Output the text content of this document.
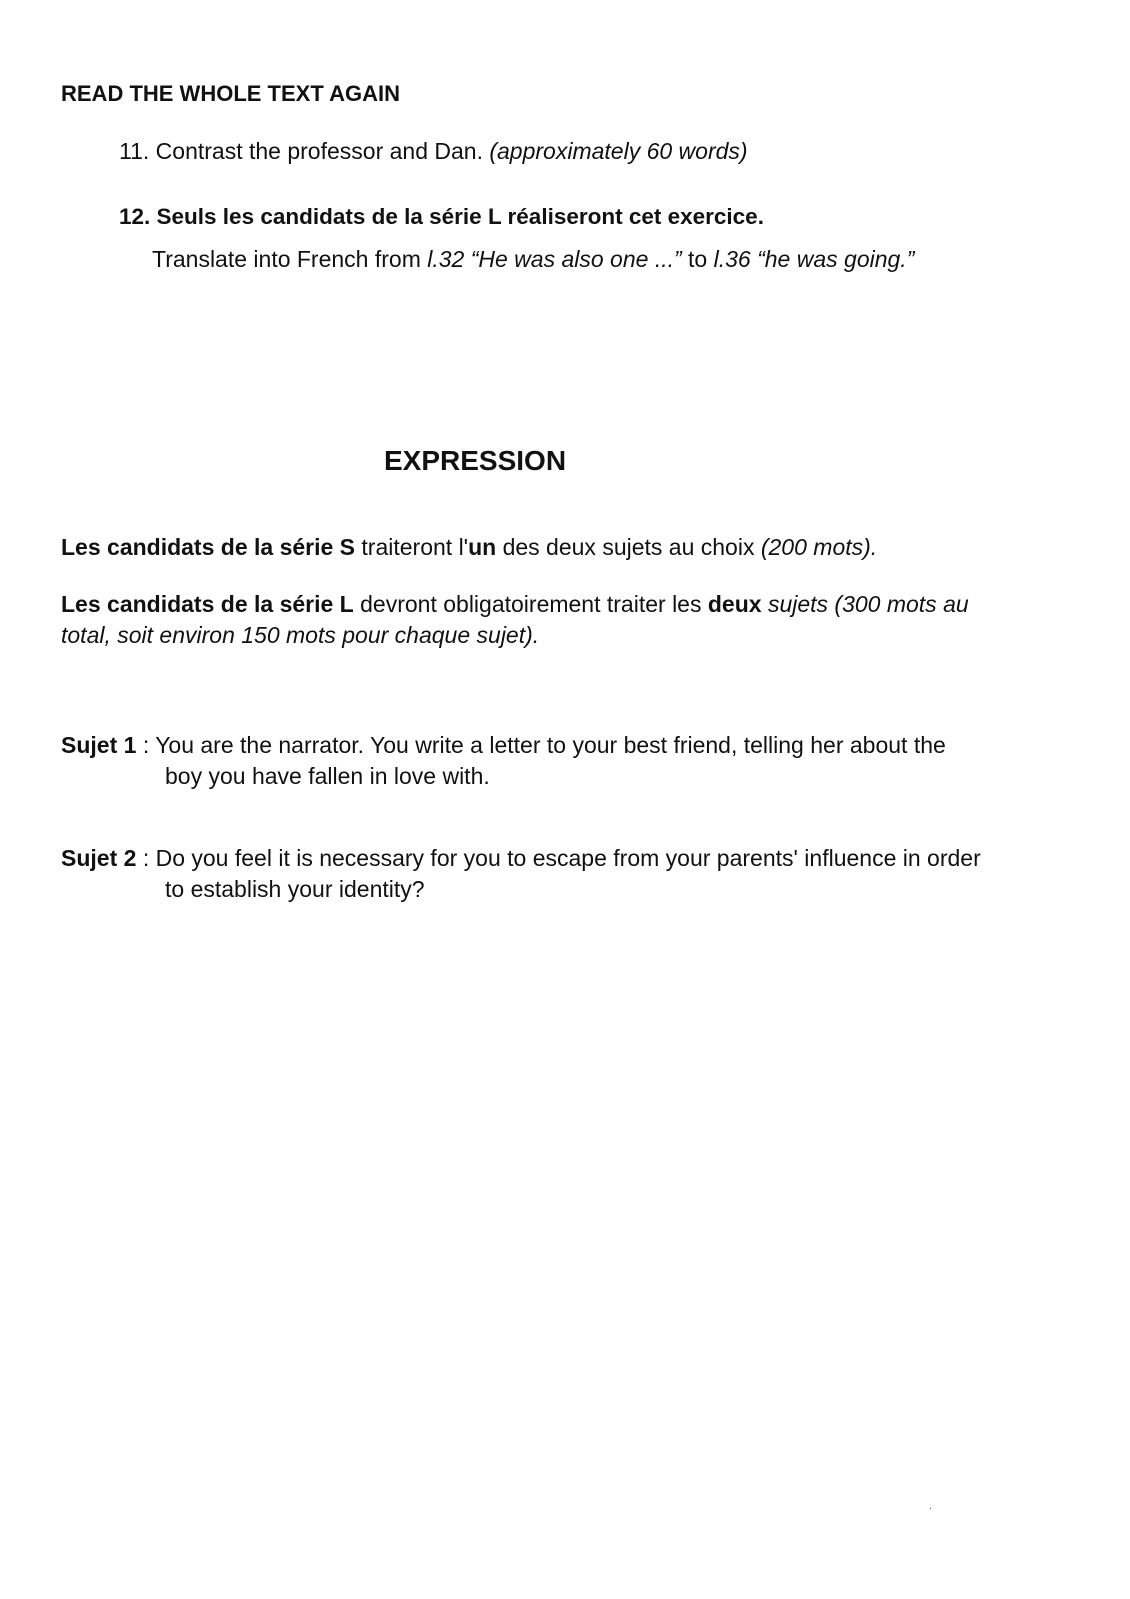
READ THE WHOLE TEXT AGAIN
11. Contrast the professor and Dan. (approximately 60 words)
12. Seuls les candidats de la série L réaliseront cet exercice.
Translate into French from l.32 “He was also one ...” to l.36 “he was going.”
EXPRESSION
Les candidats de la série S traiteront l'un des deux sujets au choix (200 mots).
Les candidats de la série L devront obligatoirement traiter les deux sujets (300 mots au
total, soit environ 150 mots pour chaque sujet).
Sujet 1 : You are the narrator. You write a letter to your best friend, telling her about the
boy you have fallen in love with.
Sujet 2 : Do you feel it is necessary for you to escape from your parents' influence in order
to establish your identity?
